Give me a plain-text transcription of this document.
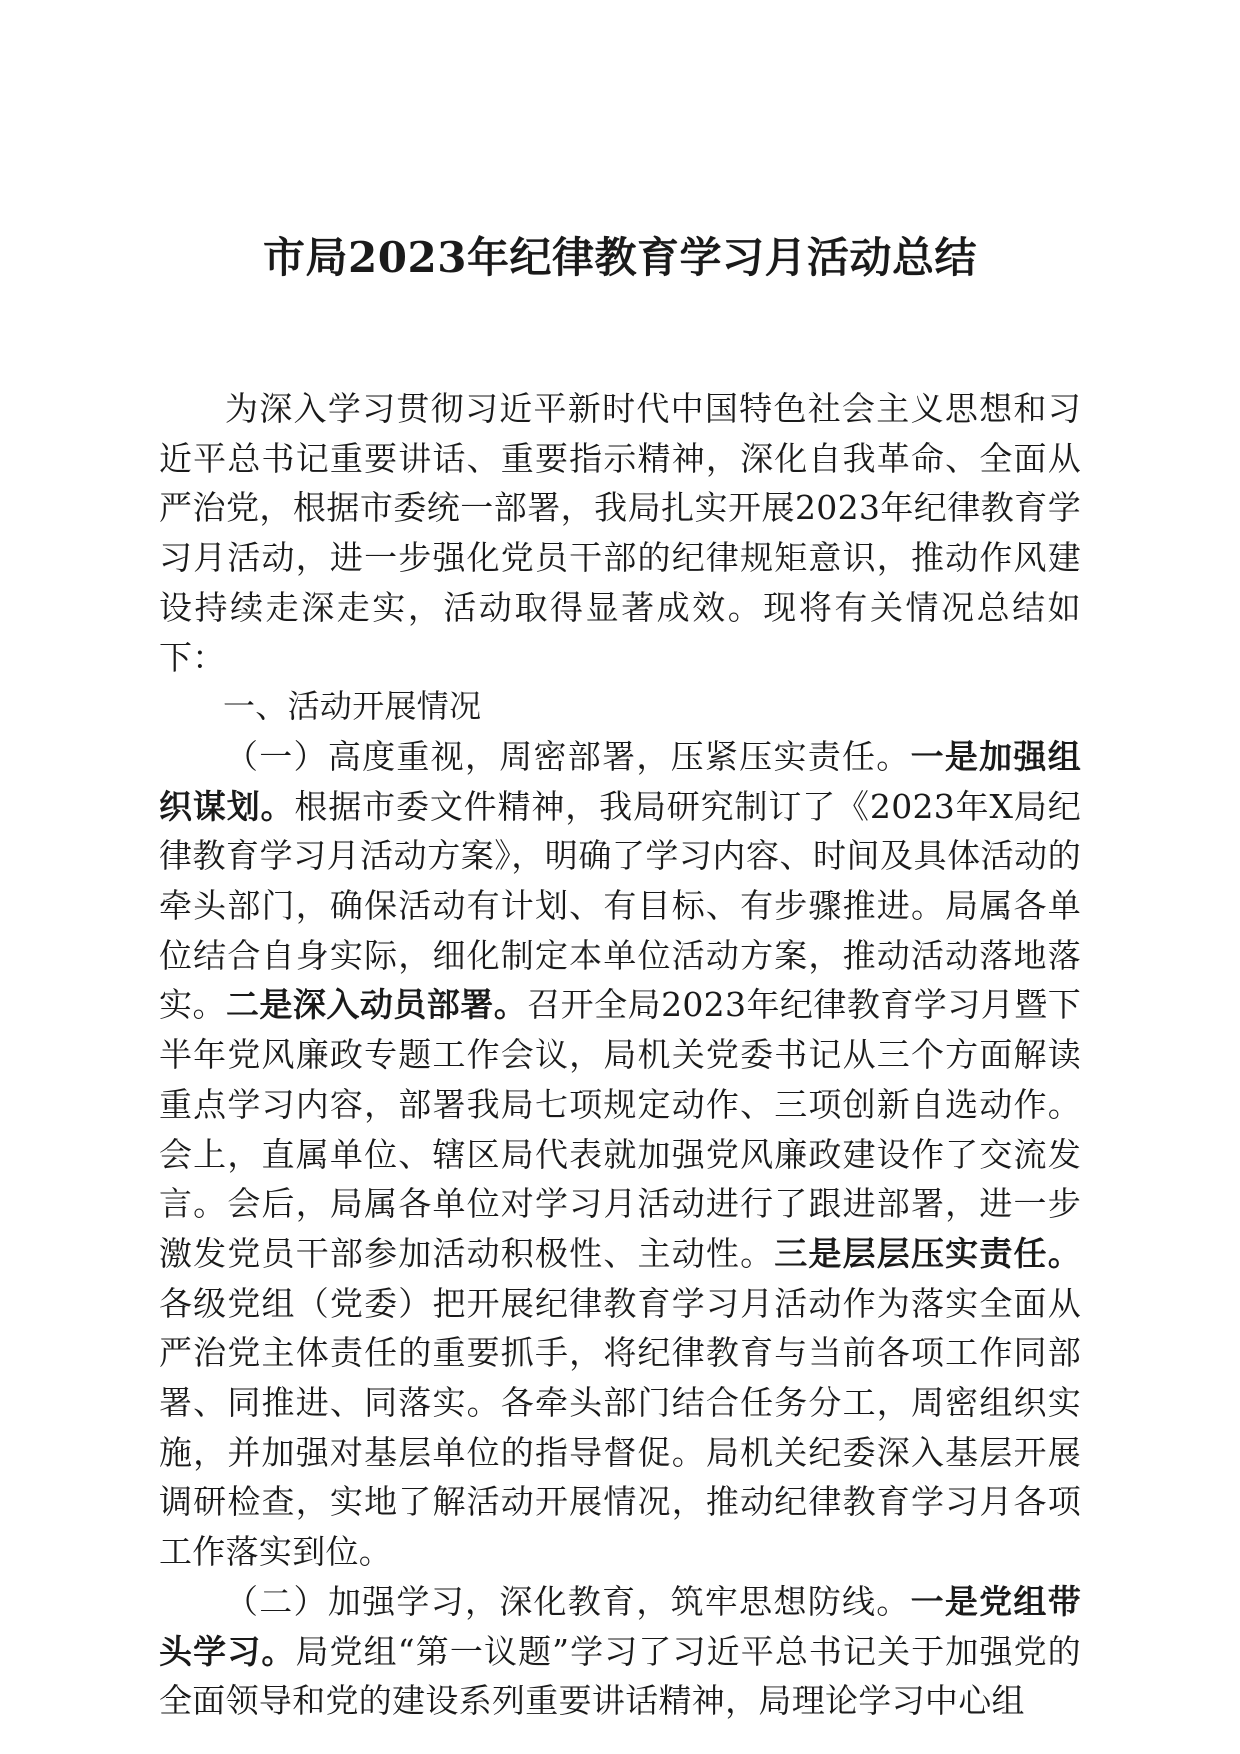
市局2023年纪律教育学习月活动总结

为深入学习贯彻习近平新时代中国特色社会主义思想和习近平总书记重要讲话、重要指示精神，深化自我革命、全面从严治党，根据市委统一部署，我局扎实开展2023年纪律教育学习月活动，进一步强化党员干部的纪律规矩意识，推动作风建设持续走深走实，活动取得显著成效。现将有关情况总结如下：

一、活动开展情况

（一）高度重视，周密部署，压紧压实责任。一是加强组织谋划。根据市委文件精神，我局研究制订了《2023年X局纪律教育学习月活动方案》，明确了学习内容、时间及具体活动的牵头部门，确保活动有计划、有目标、有步骤推进。局属各单位结合自身实际，细化制定本单位活动方案，推动活动落地落实。二是深入动员部署。召开全局2023年纪律教育学习月暨下半年党风廉政专题工作会议，局机关党委书记从三个方面解读重点学习内容，部署我局七项规定动作、三项创新自选动作。会上，直属单位、辖区局代表就加强党风廉政建设作了交流发言。会后，局属各单位对学习月活动进行了跟进部署，进一步激发党员干部参加活动积极性、主动性。三是层层压实责任。各级党组（党委）把开展纪律教育学习月活动作为落实全面从严治党主体责任的重要抓手，将纪律教育与当前各项工作同部署、同推进、同落实。各牵头部门结合任务分工，周密组织实施，并加强对基层单位的指导督促。局机关纪委深入基层开展调研检查，实地了解活动开展情况，推动纪律教育学习月各项工作落实到位。

（二）加强学习，深化教育，筑牢思想防线。一是党组带头学习。局党组“第一议题”学习了习近平总书记关于加强党的全面领导和党的建设系列重要讲话精神，局理论学习中心组
